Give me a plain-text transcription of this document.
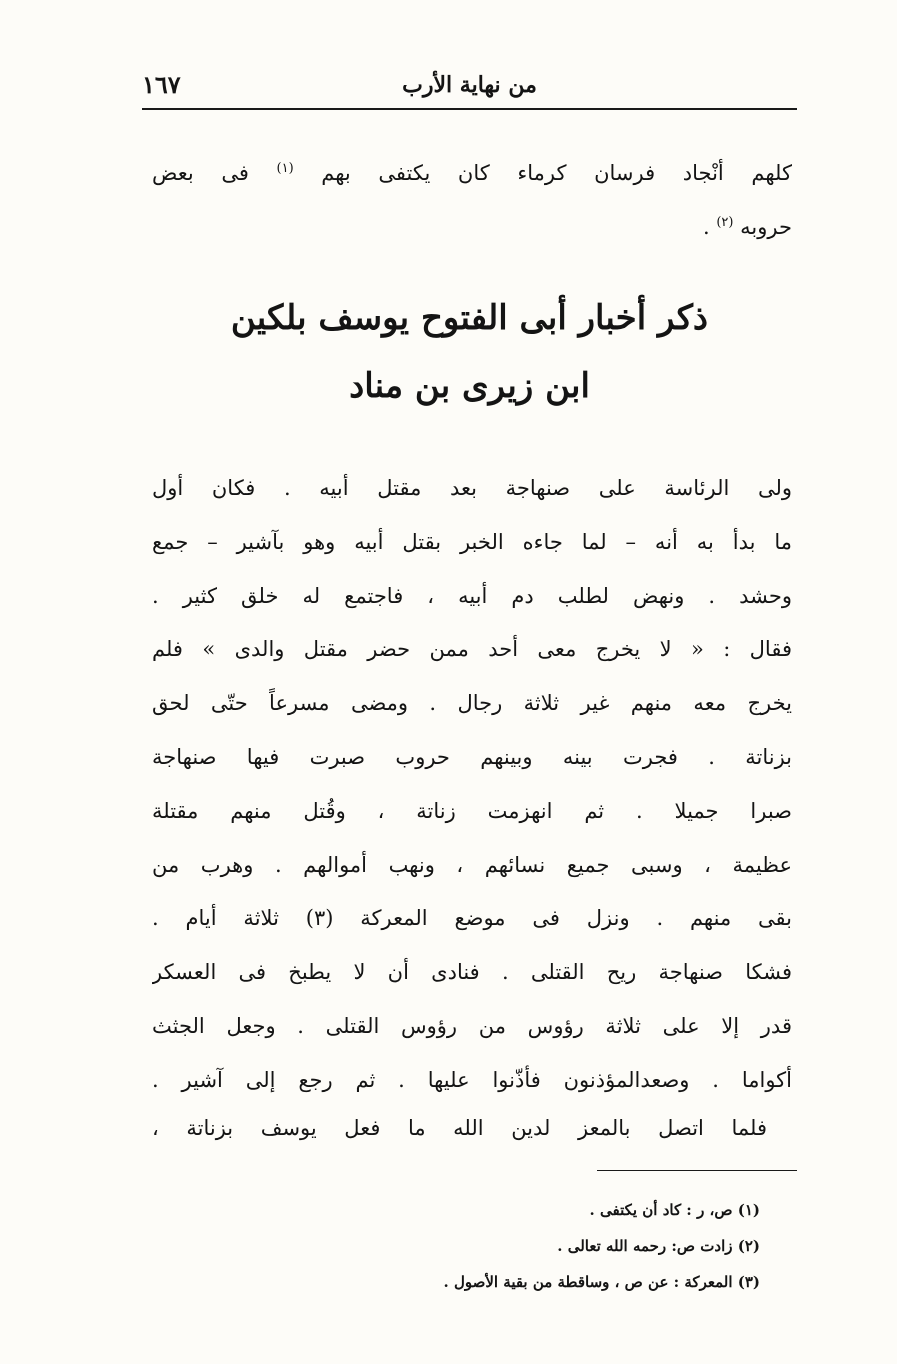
من نهاية الأرب
١٦٧
كلهم أنْجاد فرسان كرماء كان يكتفى بهم $^{(١)}$ فى بعض
حروبه $^{(٢)}$ .
ذكر أخبار أبى الفتوح يوسف بلكين
ابن زيرى بن مناد
ولى الرئاسة على صنهاجة بعد مقتل أبيه . فكان أول
ما بدأ به أنه – لما جاءه الخبر بقتل أبيه وهو بآشير – جمع
وحشد . ونهض لطلب دم أبيه ، فاجتمع له خلق كثير .
فقال : « لا يخرج معى أحد ممن حضر مقتل والدى » فلم
يخرج معه منهم غير ثلاثة رجال . ومضى مسرعاً حتّى لحق
بزناتة . فجرت بينه وبينهم حروب صبرت فيها صنهاجة
صبرا جميلا . ثم انهزمت زناتة ، وقُتل منهم مقتلة
عظيمة ، وسبى جميع نسائهم ، ونهب أموالهم . وهرب من
بقى منهم . ونزل فى موضع المعركة (٣) ثلاثة أيام .
فشكا صنهاجة ريح القتلى . فنادى أن لا يطبخ فى العسكر
قدر إلا على ثلاثة رؤوس من رؤوس القتلى . وجعل الجثث
أكواما . وصعدالمؤذنون فأذّنوا عليها . ثم رجع إلى آشير .
فلما اتصل بالمعز لدين الله ما فعل يوسف بزناتة ،
(١) ص، ر : كاد أن يكتفى .
(٢) زادت ص: رحمه الله تعالى .
(٣) المعركة : عن ص ، وساقطة من بقية الأصول .
